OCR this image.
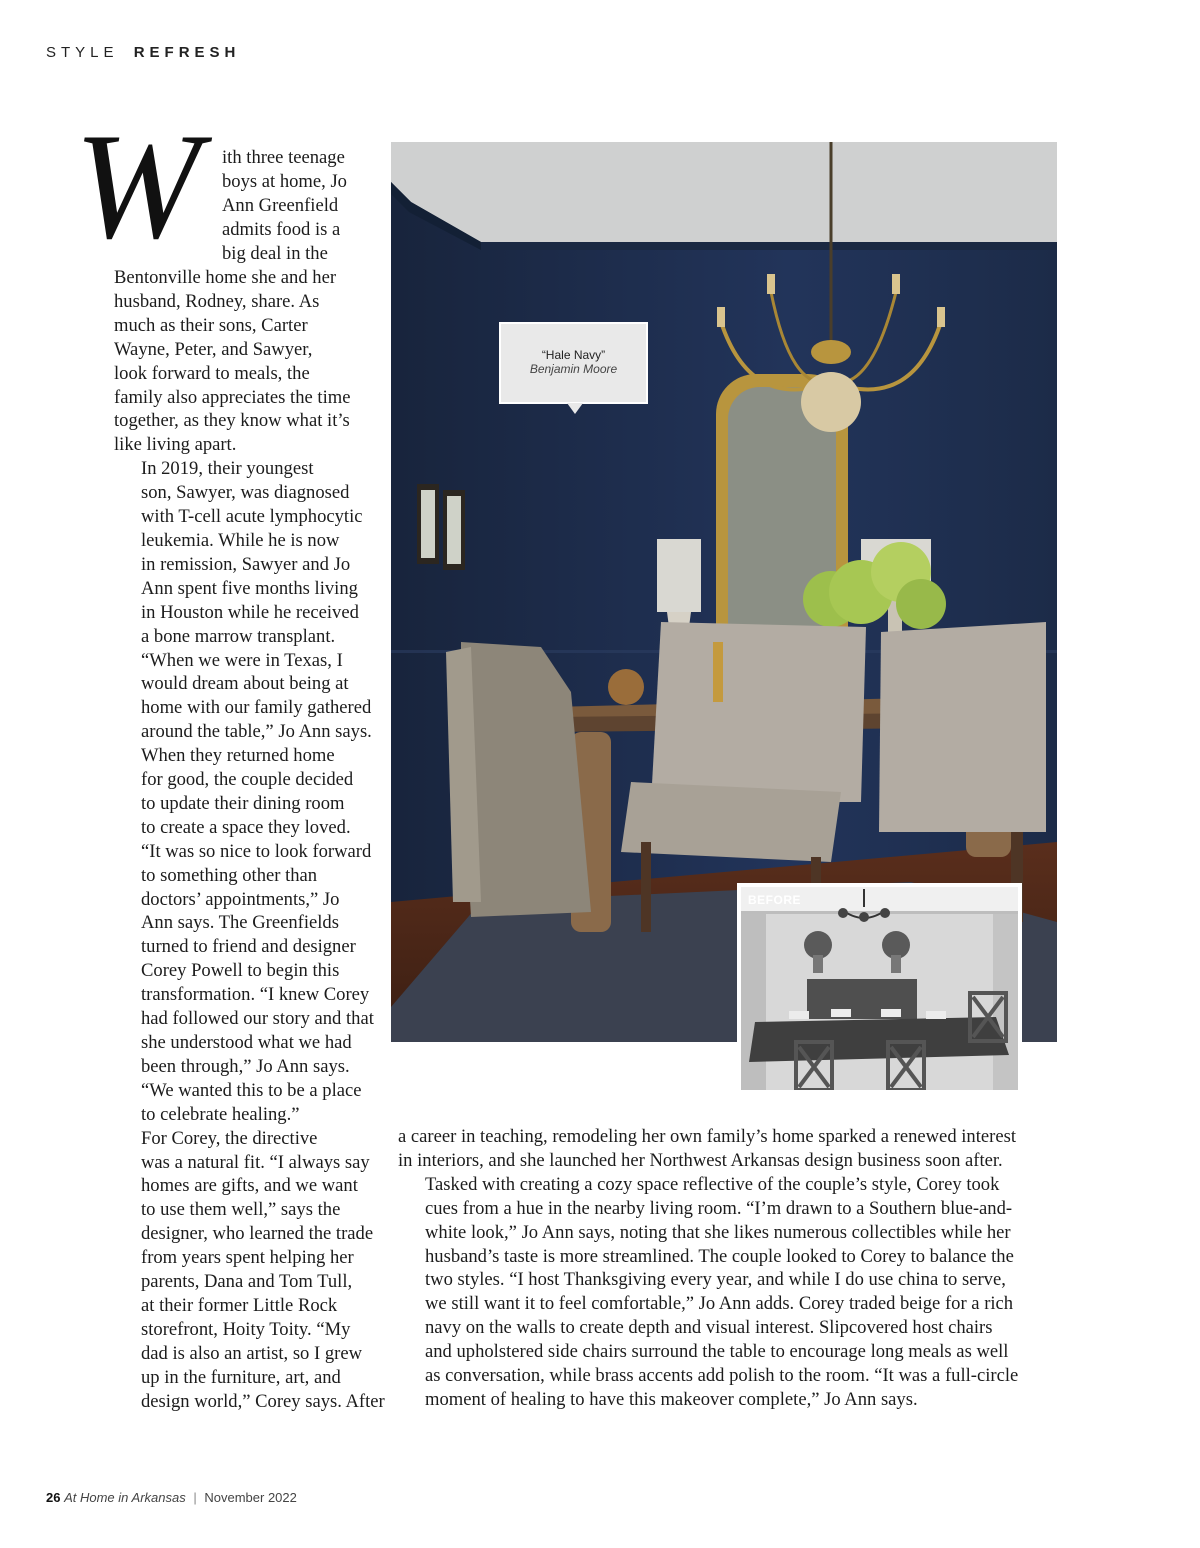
STYLE REFRESH
W ith three teenage
boys at home, Jo
Ann Greenfield
admits food is a
big deal in the

Bentonville home she and her
husband, Rodney, share. As
much as their sons, Carter
Wayne, Peter, and Sawyer,
look forward to meals, the
family also appreciates the time
together, as they know what it’s
like living apart.

In 2019, their youngest
son, Sawyer, was diagnosed
with T-cell acute lymphocytic
leukemia. While he is now
in remission, Sawyer and Jo
Ann spent five months living
in Houston while he received
a bone marrow transplant.
“When we were in Texas, I
would dream about being at
home with our family gathered
around the table,” Jo Ann says.

When they returned home
for good, the couple decided
to update their dining room
to create a space they loved.
“It was so nice to look forward
to something other than
doctors’ appointments,” Jo
Ann says. The Greenfields
turned to friend and designer
Corey Powell to begin this
transformation. “I knew Corey
had followed our story and that
she understood what we had
been through,” Jo Ann says.
“We wanted this to be a place
to celebrate healing.”

For Corey, the directive
was a natural fit. “I always say
homes are gifts, and we want
to use them well,” says the
designer, who learned the trade
from years spent helping her
parents, Dana and Tom Tull,
at their former Little Rock
storefront, Hoity Toity. “My
dad is also an artist, so I grew
up in the furniture, art, and
design world,” Corey says. After

a career in teaching, remodeling her own family’s home sparked a renewed interest
in interiors, and she launched her Northwest Arkansas design business soon after.

Tasked with creating a cozy space reflective of the couple’s style, Corey took
cues from a hue in the nearby living room. “I’m drawn to a Southern blue-and-
white look,” Jo Ann says, noting that she likes numerous collectibles while her
husband’s taste is more streamlined. The couple looked to Corey to balance the
two styles. “I host Thanksgiving every year, and while I do use china to serve,
we still want it to feel comfortable,” Jo Ann adds. Corey traded beige for a rich
navy on the walls to create depth and visual interest. Slipcovered host chairs
and upholstered side chairs surround the table to encourage long meals as well
as conversation, while brass accents add polish to the room. “It was a full-circle
moment of healing to have this makeover complete,” Jo Ann says.

“Hale Navy”
Benjamin Moore
BEFORE
26 At Home in Arkansas | November 2022
